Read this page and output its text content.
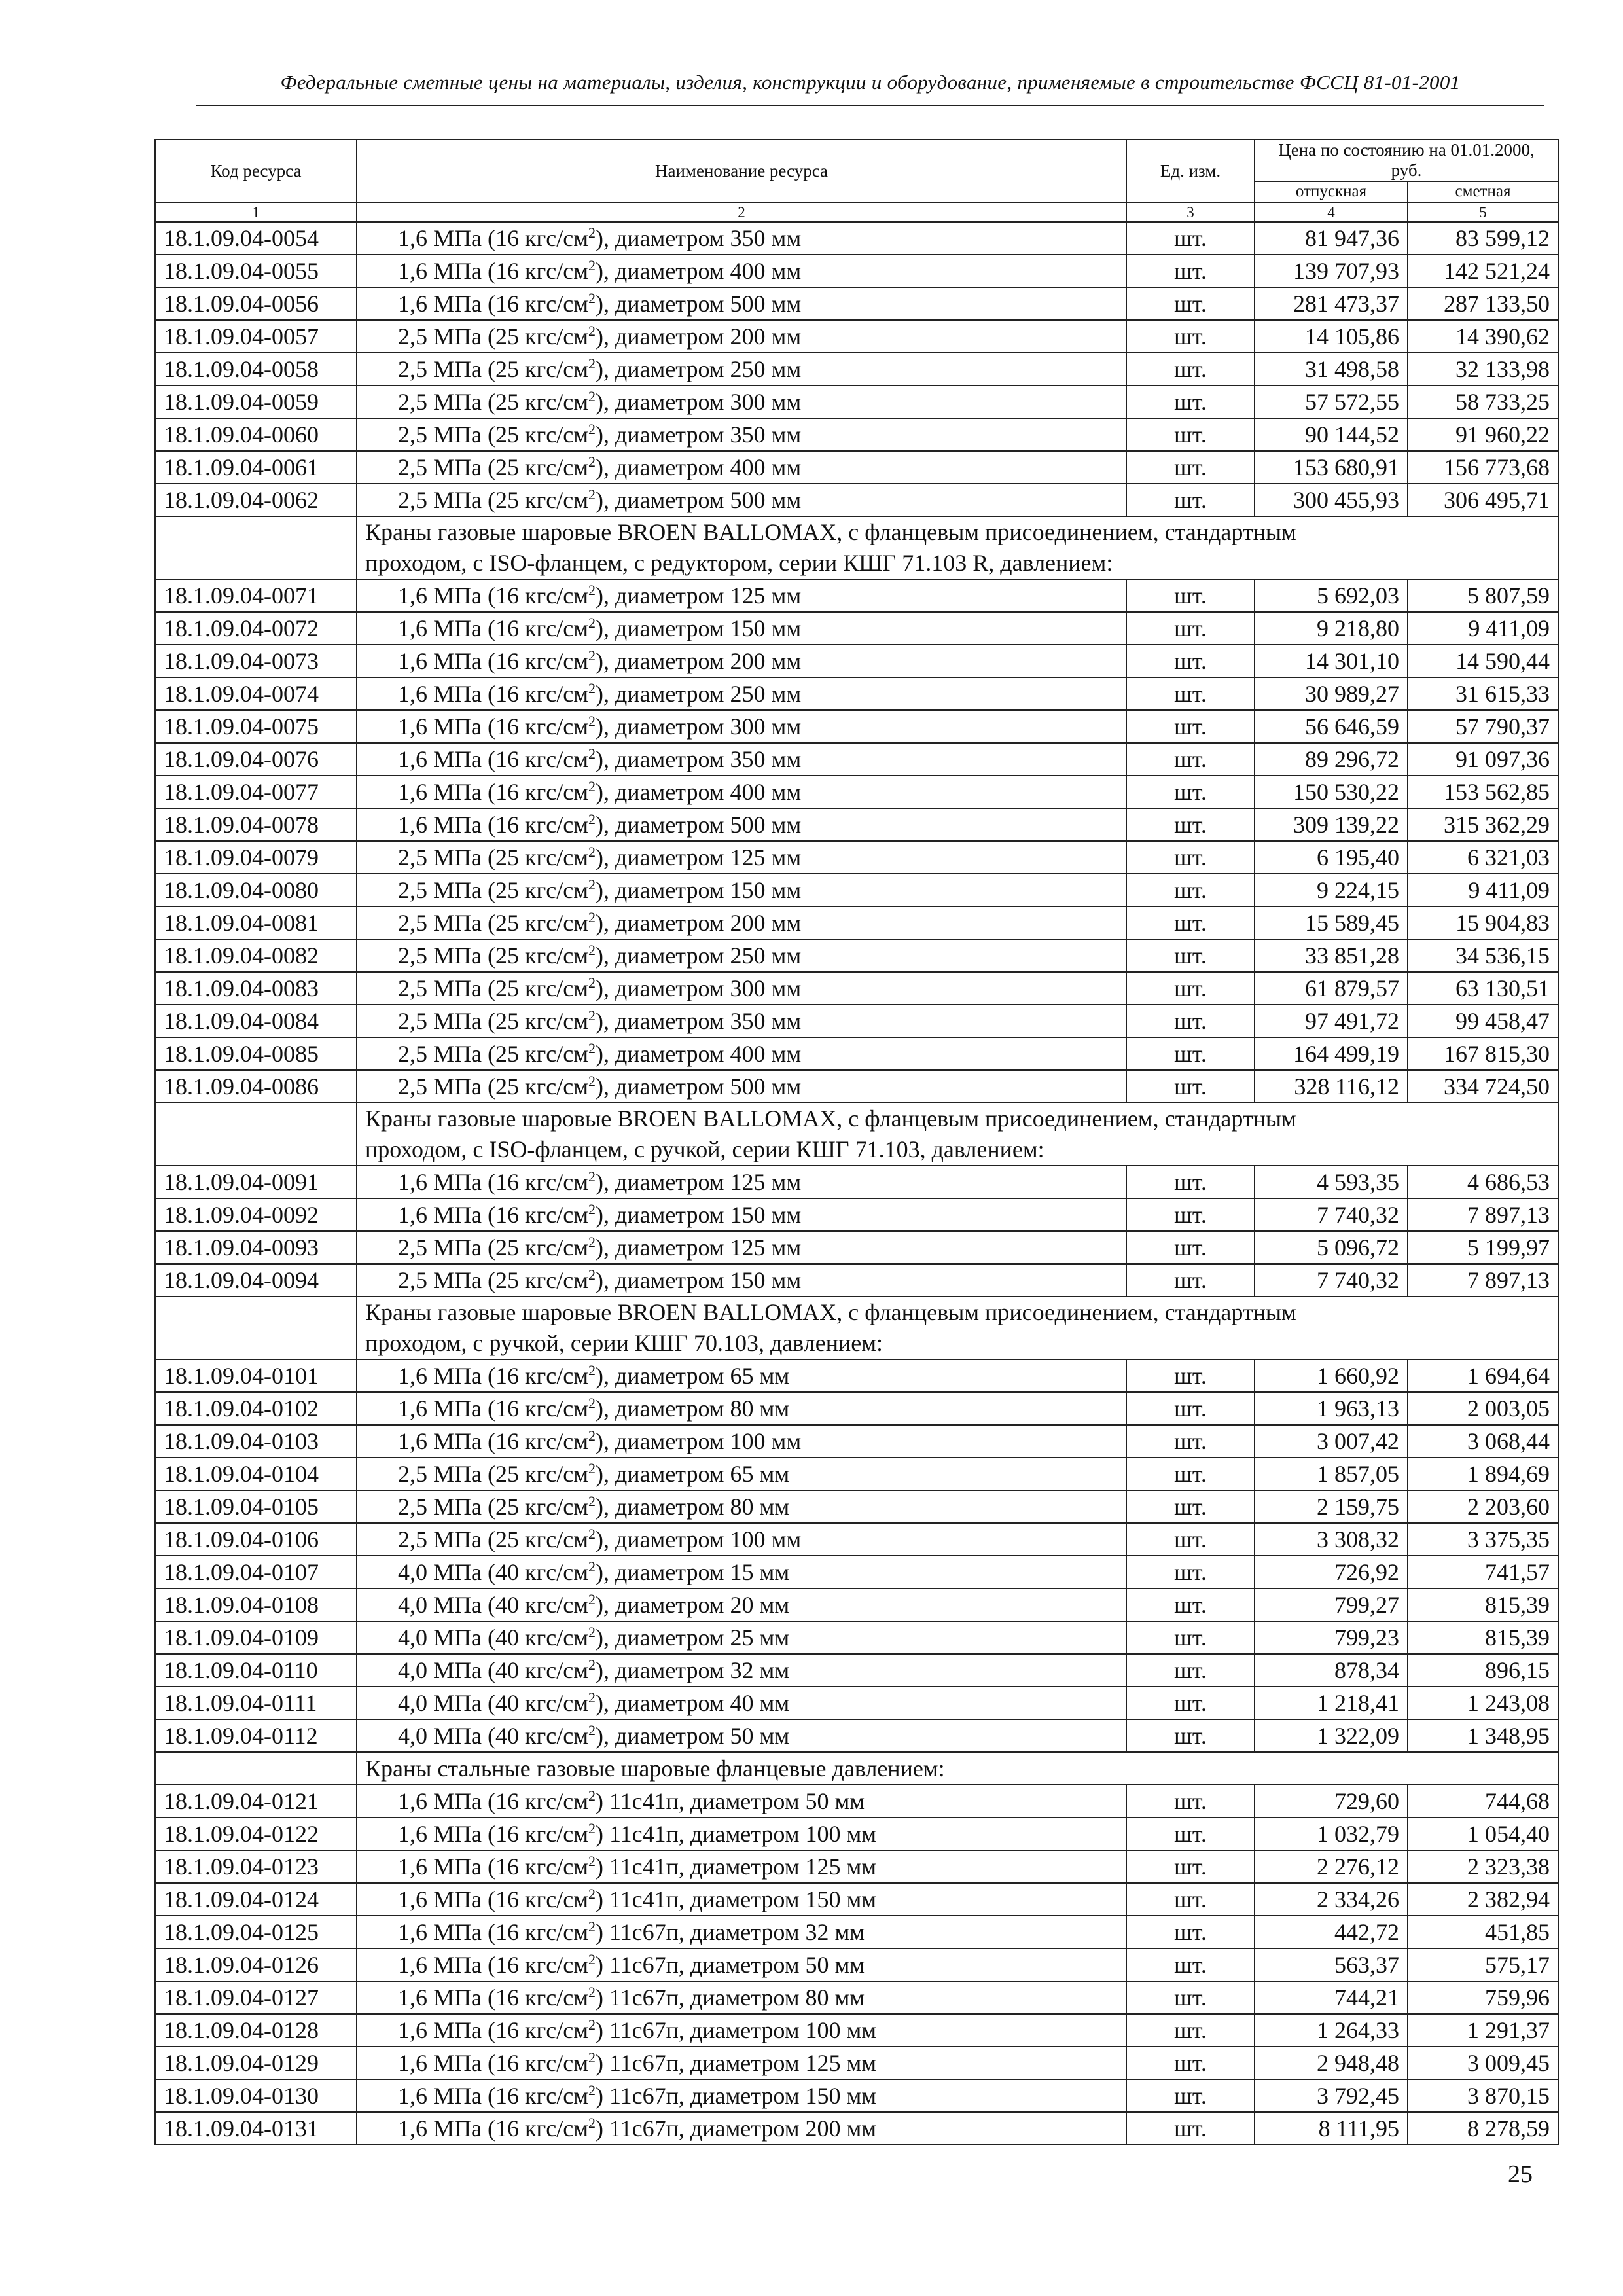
Федеральные сметные цены на материалы, изделия, конструкции и оборудование, применяемые в строительстве ФССЦ 81-01-2001
Код ресурса	Наименование ресурса	Ед. изм.	Цена по состоянию на 01.01.2000, руб.	
			отпускная	сметная
1	2	3	4	5
18.1.09.04-0054	1,6 МПа (16 кгс/$см^2$), диаметром 350 мм	шт.	81 947,36	83 599,12
18.1.09.04-0055	1,6 МПа (16 кгс/$см^2$), диаметром 400 мм	шт.	139 707,93	142 521,24
18.1.09.04-0056	1,6 МПа (16 кгс/$см^2$), диаметром 500 мм	шт.	281 473,37	287 133,50
18.1.09.04-0057	2,5 МПа (25 кгс/$см^2$), диаметром 200 мм	шт.	14 105,86	14 390,62
18.1.09.04-0058	2,5 МПа (25 кгс/$см^2$), диаметром 250 мм	шт.	31 498,58	32 133,98
18.1.09.04-0059	2,5 МПа (25 кгс/$см^2$), диаметром 300 мм	шт.	57 572,55	58 733,25
18.1.09.04-0060	2,5 МПа (25 кгс/$см^2$), диаметром 350 мм	шт.	90 144,52	91 960,22
18.1.09.04-0061	2,5 МПа (25 кгс/$см^2$), диаметром 400 мм	шт.	153 680,91	156 773,68
18.1.09.04-0062	2,5 МПа (25 кгс/$см^2$), диаметром 500 мм	шт.	300 455,93	306 495,71

	Краны газовые шаровые BROEN BALLOMAX, с фланцевым присоединением, стандартным
проходом, с ISO-фланцем, с редуктором, серии КШГ 71.103 R, давлением:			

18.1.09.04-0071	1,6 МПа (16 кгс/$см^2$), диаметром 125 мм	шт.	5 692,03	5 807,59
18.1.09.04-0072	1,6 МПа (16 кгс/$см^2$), диаметром 150 мм	шт.	9 218,80	9 411,09
18.1.09.04-0073	1,6 МПа (16 кгс/$см^2$), диаметром 200 мм	шт.	14 301,10	14 590,44
18.1.09.04-0074	1,6 МПа (16 кгс/$см^2$), диаметром 250 мм	шт.	30 989,27	31 615,33
18.1.09.04-0075	1,6 МПа (16 кгс/$см^2$), диаметром 300 мм	шт.	56 646,59	57 790,37
18.1.09.04-0076	1,6 МПа (16 кгс/$см^2$), диаметром 350 мм	шт.	89 296,72	91 097,36
18.1.09.04-0077	1,6 МПа (16 кгс/$см^2$), диаметром 400 мм	шт.	150 530,22	153 562,85
18.1.09.04-0078	1,6 МПа (16 кгс/$см^2$), диаметром 500 мм	шт.	309 139,22	315 362,29
18.1.09.04-0079	2,5 МПа (25 кгс/$см^2$), диаметром 125 мм	шт.	6 195,40	6 321,03
18.1.09.04-0080	2,5 МПа (25 кгс/$см^2$), диаметром 150 мм	шт.	9 224,15	9 411,09
18.1.09.04-0081	2,5 МПа (25 кгс/$см^2$), диаметром 200 мм	шт.	15 589,45	15 904,83
18.1.09.04-0082	2,5 МПа (25 кгс/$см^2$), диаметром 250 мм	шт.	33 851,28	34 536,15
18.1.09.04-0083	2,5 МПа (25 кгс/$см^2$), диаметром 300 мм	шт.	61 879,57	63 130,51
18.1.09.04-0084	2,5 МПа (25 кгс/$см^2$), диаметром 350 мм	шт.	97 491,72	99 458,47
18.1.09.04-0085	2,5 МПа (25 кгс/$см^2$), диаметром 400 мм	шт.	164 499,19	167 815,30
18.1.09.04-0086	2,5 МПа (25 кгс/$см^2$), диаметром 500 мм	шт.	328 116,12	334 724,50

	Краны газовые шаровые BROEN BALLOMAX, с фланцевым присоединением, стандартным
проходом, с ISO-фланцем, с ручкой, серии КШГ 71.103, давлением:			

18.1.09.04-0091	1,6 МПа (16 кгс/$см^2$), диаметром 125 мм	шт.	4 593,35	4 686,53
18.1.09.04-0092	1,6 МПа (16 кгс/$см^2$), диаметром 150 мм	шт.	7 740,32	7 897,13
18.1.09.04-0093	2,5 МПа (25 кгс/$см^2$), диаметром 125 мм	шт.	5 096,72	5 199,97
18.1.09.04-0094	2,5 МПа (25 кгс/$см^2$), диаметром 150 мм	шт.	7 740,32	7 897,13

	Краны газовые шаровые BROEN BALLOMAX, с фланцевым присоединением, стандартным
проходом, с ручкой, серии КШГ 70.103, давлением:			

18.1.09.04-0101	1,6 МПа (16 кгс/$см^2$), диаметром 65 мм	шт.	1 660,92	1 694,64
18.1.09.04-0102	1,6 МПа (16 кгс/$см^2$), диаметром 80 мм	шт.	1 963,13	2 003,05
18.1.09.04-0103	1,6 МПа (16 кгс/$см^2$), диаметром 100 мм	шт.	3 007,42	3 068,44
18.1.09.04-0104	2,5 МПа (25 кгс/$см^2$), диаметром 65 мм	шт.	1 857,05	1 894,69
18.1.09.04-0105	2,5 МПа (25 кгс/$см^2$), диаметром 80 мм	шт.	2 159,75	2 203,60
18.1.09.04-0106	2,5 МПа (25 кгс/$см^2$), диаметром 100 мм	шт.	3 308,32	3 375,35
18.1.09.04-0107	4,0 МПа (40 кгс/$см^2$), диаметром 15 мм	шт.	726,92	741,57
18.1.09.04-0108	4,0 МПа (40 кгс/$см^2$), диаметром 20 мм	шт.	799,27	815,39
18.1.09.04-0109	4,0 МПа (40 кгс/$см^2$), диаметром 25 мм	шт.	799,23	815,39
18.1.09.04-0110	4,0 МПа (40 кгс/$см^2$), диаметром 32 мм	шт.	878,34	896,15
18.1.09.04-0111	4,0 МПа (40 кгс/$см^2$), диаметром 40 мм	шт.	1 218,41	1 243,08
18.1.09.04-0112	4,0 МПа (40 кгс/$см^2$), диаметром 50 мм	шт.	1 322,09	1 348,95

	Краны стальные газовые шаровые фланцевые давлением:			

18.1.09.04-0121	1,6 МПа (16 кгс/$см^2$) 11с41п, диаметром 50 мм	шт.	729,60	744,68
18.1.09.04-0122	1,6 МПа (16 кгс/$см^2$) 11с41п, диаметром 100 мм	шт.	1 032,79	1 054,40
18.1.09.04-0123	1,6 МПа (16 кгс/$см^2$) 11с41п, диаметром 125 мм	шт.	2 276,12	2 323,38
18.1.09.04-0124	1,6 МПа (16 кгс/$см^2$) 11с41п, диаметром 150 мм	шт.	2 334,26	2 382,94
18.1.09.04-0125	1,6 МПа (16 кгс/$см^2$) 11с67п, диаметром 32 мм	шт.	442,72	451,85
18.1.09.04-0126	1,6 МПа (16 кгс/$см^2$) 11с67п, диаметром 50 мм	шт.	563,37	575,17
18.1.09.04-0127	1,6 МПа (16 кгс/$см^2$) 11с67п, диаметром 80 мм	шт.	744,21	759,96
18.1.09.04-0128	1,6 МПа (16 кгс/$см^2$) 11с67п, диаметром 100 мм	шт.	1 264,33	1 291,37
18.1.09.04-0129	1,6 МПа (16 кгс/$см^2$) 11с67п, диаметром 125 мм	шт.	2 948,48	3 009,45
18.1.09.04-0130	1,6 МПа (16 кгс/$см^2$) 11с67п, диаметром 150 мм	шт.	3 792,45	3 870,15
18.1.09.04-0131	1,6 МПа (16 кгс/$см^2$) 11с67п, диаметром 200 мм	шт.	8 111,95	8 278,59
25
